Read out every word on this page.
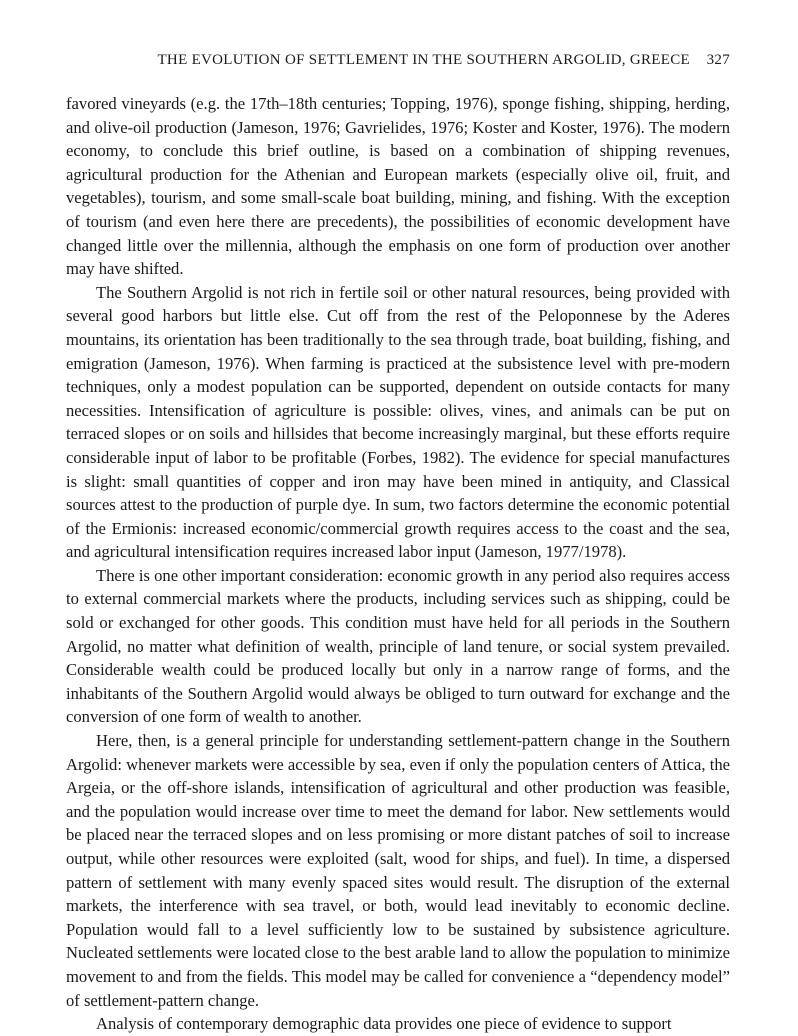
THE EVOLUTION OF SETTLEMENT IN THE SOUTHERN ARGOLID, GREECE 327

favored vineyards (e.g. the 17th–18th centuries; Topping, 1976), sponge fishing, shipping, herding, and olive-oil production (Jameson, 1976; Gavrielides, 1976; Koster and Koster, 1976). The modern economy, to conclude this brief outline, is based on a combination of shipping revenues, agricultural production for the Athenian and European markets (especially olive oil, fruit, and vegetables), tourism, and some small-scale boat building, mining, and fishing. With the exception of tourism (and even here there are precedents), the possibilities of economic development have changed little over the millennia, although the emphasis on one form of production over another may have shifted.

The Southern Argolid is not rich in fertile soil or other natural resources, being provided with several good harbors but little else. Cut off from the rest of the Peloponnese by the Aderes mountains, its orientation has been traditionally to the sea through trade, boat building, fishing, and emigration (Jameson, 1976). When farming is practiced at the subsistence level with pre-modern techniques, only a modest population can be supported, dependent on outside contacts for many necessities. Intensification of agriculture is possible: olives, vines, and animals can be put on terraced slopes or on soils and hillsides that become increasingly marginal, but these efforts require considerable input of labor to be profitable (Forbes, 1982). The evidence for special manufactures is slight: small quantities of copper and iron may have been mined in antiquity, and Classical sources attest to the production of purple dye. In sum, two factors determine the economic potential of the Ermionis: increased economic/commercial growth requires access to the coast and the sea, and agricultural intensification requires increased labor input (Jameson, 1977/1978).

There is one other important consideration: economic growth in any period also requires access to external commercial markets where the products, including services such as shipping, could be sold or exchanged for other goods. This condition must have held for all periods in the Southern Argolid, no matter what definition of wealth, principle of land tenure, or social system prevailed. Considerable wealth could be produced locally but only in a narrow range of forms, and the inhabitants of the Southern Argolid would always be obliged to turn outward for exchange and the conversion of one form of wealth to another.

Here, then, is a general principle for understanding settlement-pattern change in the Southern Argolid: whenever markets were accessible by sea, even if only the population centers of Attica, the Argeia, or the off-shore islands, intensification of agricultural and other production was feasible, and the population would increase over time to meet the demand for labor. New settlements would be placed near the terraced slopes and on less promising or more distant patches of soil to increase output, while other resources were exploited (salt, wood for ships, and fuel). In time, a dispersed pattern of settlement with many evenly spaced sites would result. The disruption of the external markets, the interference with sea travel, or both, would lead inevitably to economic decline. Population would fall to a level sufficiently low to be sustained by subsistence agriculture. Nucleated settlements were located close to the best arable land to allow the population to minimize movement to and from the fields. This model may be called for convenience a “dependency model” of settlement-pattern change.

Analysis of contemporary demographic data provides one piece of evidence to support
